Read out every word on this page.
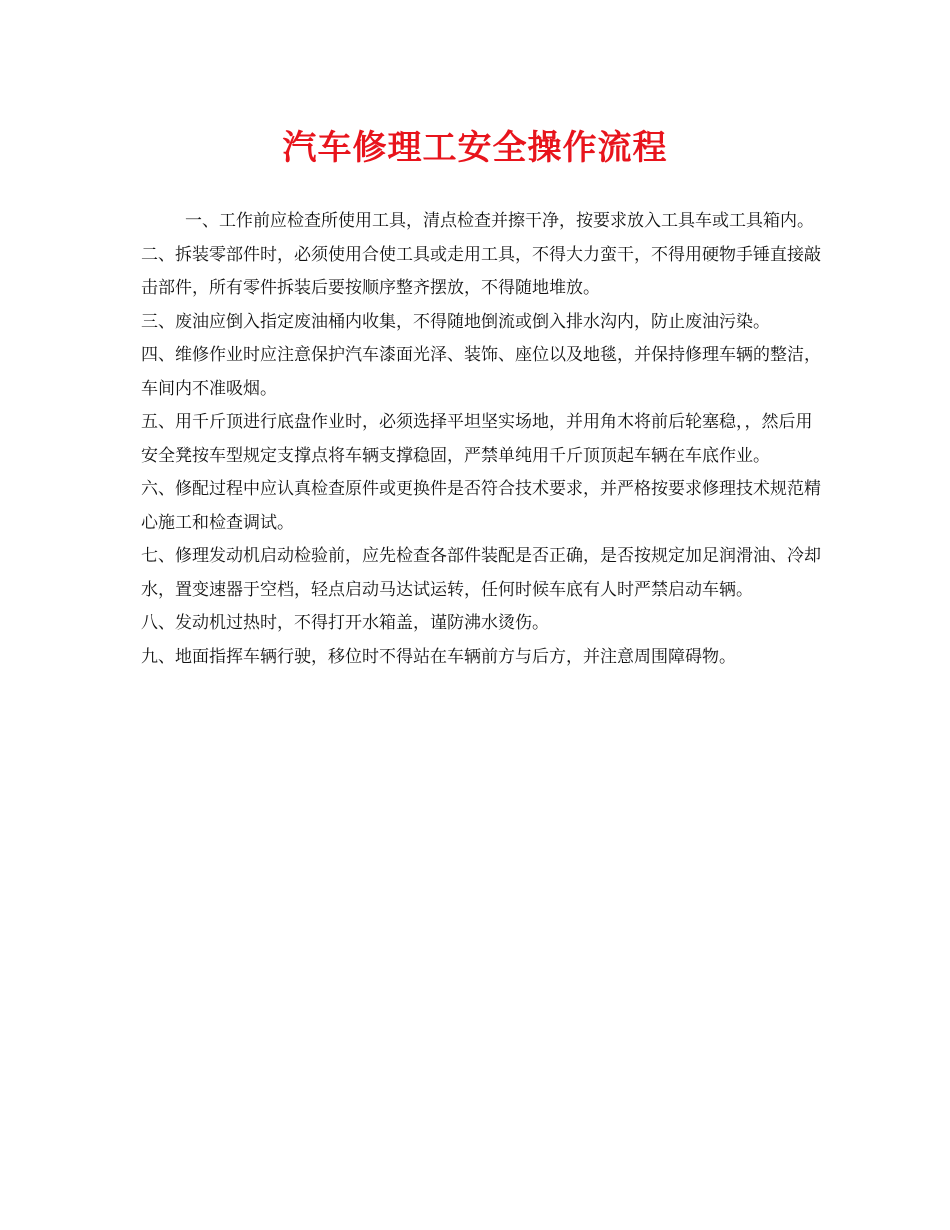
汽车修理工安全操作流程

一、工作前应检查所使用工具，清点检查并擦干净，按要求放入工具车或工具箱内。

二、拆装零部件时，必须使用合使工具或走用工具，不得大力蛮干，不得用硬物手锤直接敲击部件，所有零件拆装后要按顺序整齐摆放，不得随地堆放。

三、废油应倒入指定废油桶内收集，不得随地倒流或倒入排水沟内，防止废油污染。

四、维修作业时应注意保护汽车漆面光泽、装饰、座位以及地毯，并保持修理车辆的整洁，车间内不准吸烟。

五、用千斤顶进行底盘作业时，必须选择平坦坚实场地，并用角木将前后轮塞稳，，然后用安全凳按车型规定支撑点将车辆支撑稳固，严禁单纯用千斤顶顶起车辆在车底作业。

六、修配过程中应认真检查原件或更换件是否符合技术要求，并严格按要求修理技术规范精心施工和检查调试。

七、修理发动机启动检验前，应先检查各部件装配是否正确，是否按规定加足润滑油、冷却水，置变速器于空档，轻点启动马达试运转，任何时候车底有人时严禁启动车辆。

八、发动机过热时，不得打开水箱盖，谨防沸水烫伤。

九、地面指挥车辆行驶，移位时不得站在车辆前方与后方，并注意周围障碍物。
